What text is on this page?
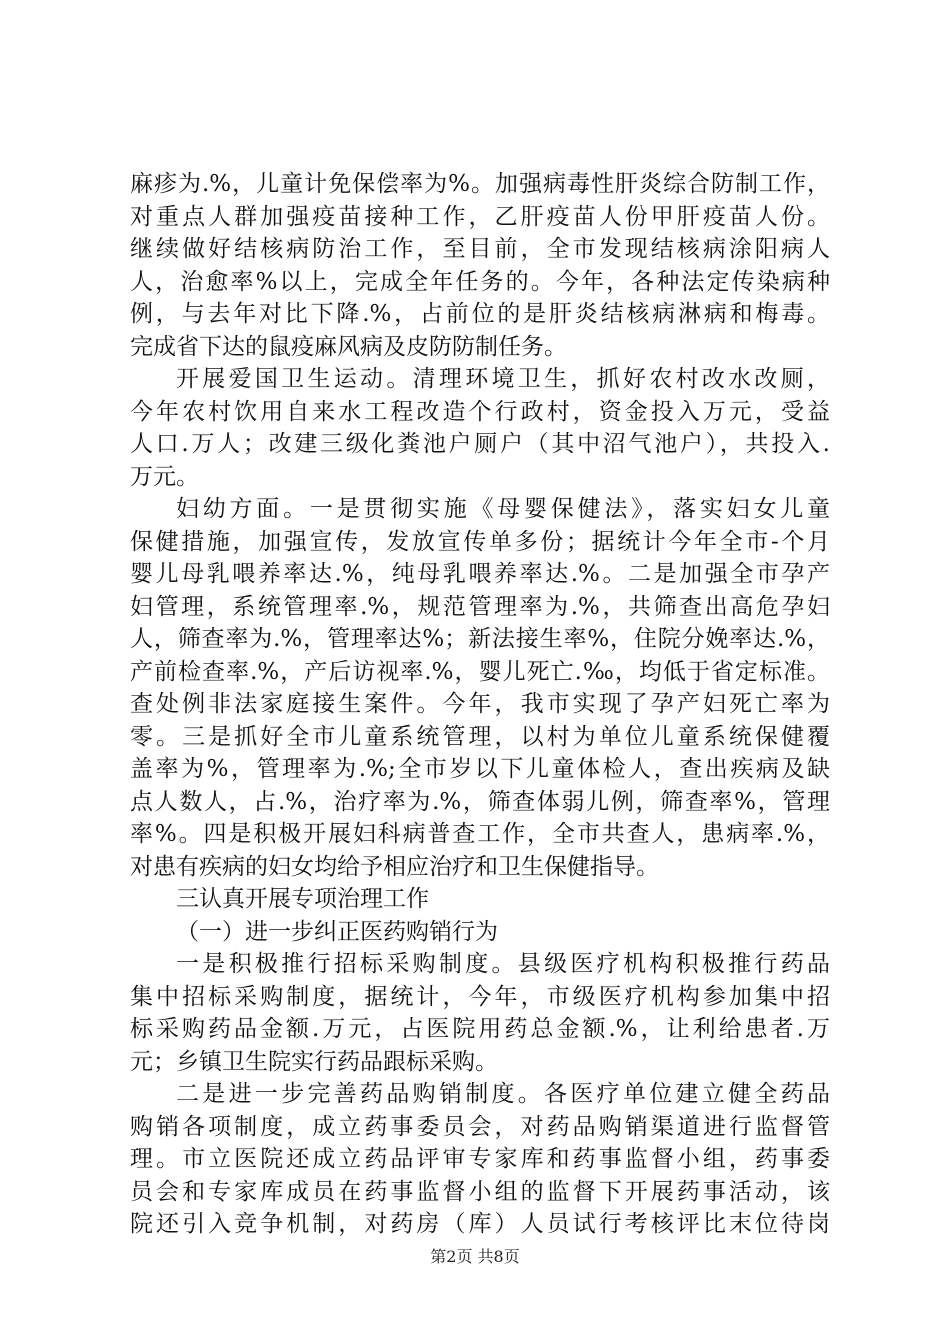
麻疹为.%，儿童计免保偿率为%。加强病毒性肝炎综合防制工作，
对重点人群加强疫苗接种工作，乙肝疫苗人份甲肝疫苗人份。
继续做好结核病防治工作，至目前，全市发现结核病涂阳病人
人，治愈率%以上，完成全年任务的。今年，各种法定传染病种
例，与去年对比下降.%，占前位的是肝炎结核病淋病和梅毒。
完成省下达的鼠疫麻风病及皮防防制任务。
开展爱国卫生运动。清理环境卫生，抓好农村改水改厕，
今年农村饮用自来水工程改造个行政村，资金投入万元，受益
人口.万人；改建三级化粪池户厕户（其中沼气池户），共投入.
万元。
妇幼方面。一是贯彻实施《母婴保健法》，落实妇女儿童
保健措施，加强宣传，发放宣传单多份；据统计今年全市-个月
婴儿母乳喂养率达.%，纯母乳喂养率达.%。二是加强全市孕产
妇管理，系统管理率.%，规范管理率为.%，共筛查出高危孕妇
人，筛查率为.%，管理率达%；新法接生率%，住院分娩率达.%，
产前检查率.%，产后访视率.%，婴儿死亡.‰，均低于省定标准。
查处例非法家庭接生案件。今年，我市实现了孕产妇死亡率为
零。三是抓好全市儿童系统管理，以村为单位儿童系统保健覆
盖率为%，管理率为.%;全市岁以下儿童体检人，查出疾病及缺
点人数人，占.%，治疗率为.%，筛查体弱儿例，筛查率%，管理
率%。四是积极开展妇科病普查工作，全市共查人，患病率.%，
对患有疾病的妇女均给予相应治疗和卫生保健指导。
三认真开展专项治理工作
（一）进一步纠正医药购销行为
一是积极推行招标采购制度。县级医疗机构积极推行药品
集中招标采购制度，据统计，今年，市级医疗机构参加集中招
标采购药品金额.万元，占医院用药总金额.%，让利给患者.万
元；乡镇卫生院实行药品跟标采购。
二是进一步完善药品购销制度。各医疗单位建立健全药品
购销各项制度，成立药事委员会，对药品购销渠道进行监督管
理。市立医院还成立药品评审专家库和药事监督小组，药事委
员会和专家库成员在药事监督小组的监督下开展药事活动，该
院还引入竞争机制，对药房（库）人员试行考核评比末位待岗
第2页 共8页
